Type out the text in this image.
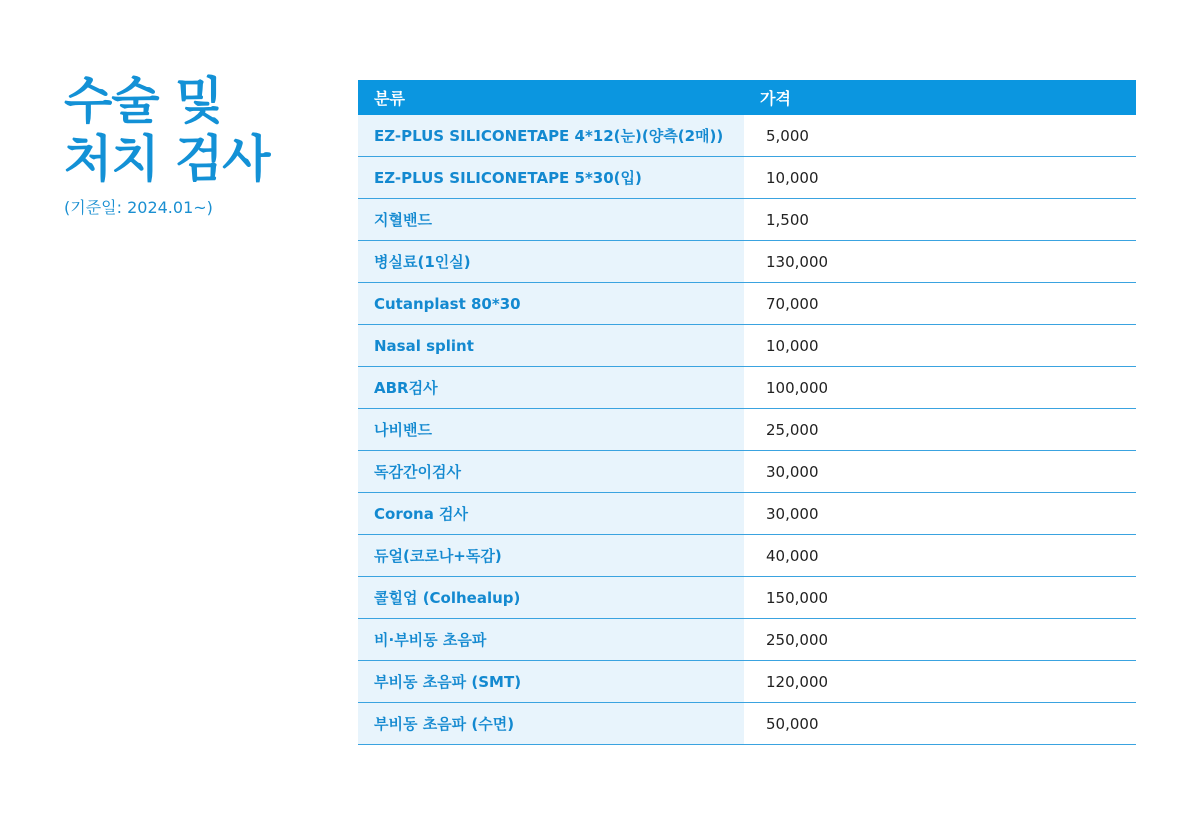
수술 및
처치 검사
(기준일: 2024.01~)
분류	가격
EZ-PLUS SILICONETAPE 4*12(눈)(양측(2매))	5,000
EZ-PLUS SILICONETAPE 5*30(입)	10,000
지혈밴드	1,500
병실료(1인실)	130,000
Cutanplast 80*30	70,000
Nasal splint	10,000
ABR검사	100,000
나비밴드	25,000
독감간이검사	30,000
Corona 검사	30,000
듀얼(코로나+독감)	40,000
콜힐업 (Colhealup)	150,000
비·부비동 초음파	250,000
부비동 초음파 (SMT)	120,000
부비동 초음파 (수면)	50,000
